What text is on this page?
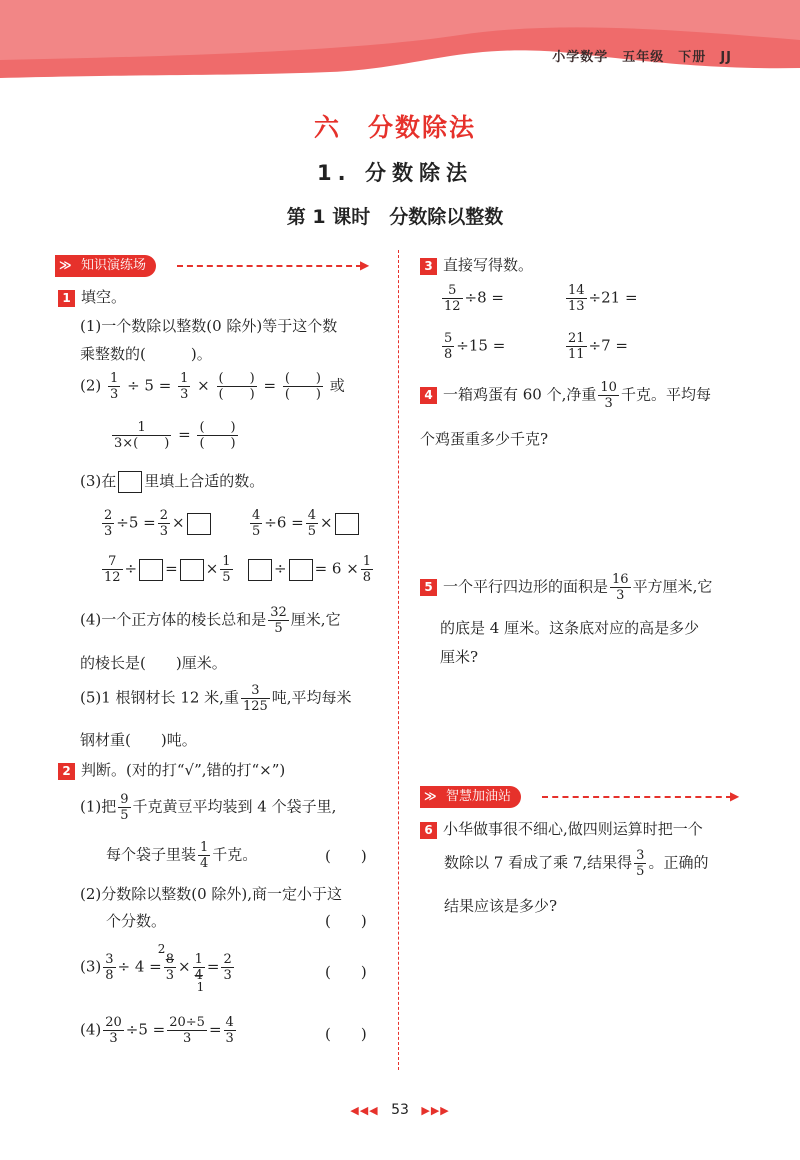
小学数学 五年级 下册 JJ
六　分数除法
1. 分数除法
第 1 课时　分数除以整数
≫ 知识演练场	▶
1 填空。
(1)一个数除以整数(0 除外)等于这个数
乘整数的(　　　)。
$(2) \frac{1}{3} \div 5 = \frac{1}{3} \times \frac{( )}{( )} = \frac{( )}{( )}$ 或
$\frac{1}{3\times( )} = \frac{( )}{( )}$
(3)在 里填上合适的数。
$\frac{2}{3} \div 5 = \frac{2}{3}$ ×	$\frac{4}{5} \div 6 = \frac{4}{5}$ ×
$\frac{7}{12}$ ÷ = × $\frac{1}{5}$	÷ = $6 \times \frac{1}{8}$
(4)一个正方体的棱长总和是 $\frac{32}{5}$ 厘米,它
的棱长是(　　)厘米。
(5)1 根钢材长 12 米,重 $\frac{3}{125}$ 吨,平均每米
钢材重(　　)吨。
2 判断。(对的打“√”,错的打“×”)
(1)把 $\frac{9}{5}$ 千克黄豆平均装到 4 个袋子里,
每个袋子里装 $\frac{1}{4}$ 千克。	(　　)
(2)分数除以整数(0 除外),商一定小于这
个分数。	(　　)
$(3) \frac{3}{8} \div 4$ =
2
8
3 × 1
4
1
= $\frac{2}{3}$	(　　)
$(4) \frac{20}{3} \div 5 = \frac{20\div 5}{3} = \frac{4}{3}$	(　　)
3 直接写得数。
$\frac{5}{12} \div 8$ =	$\frac{14}{13} \div 21$ =
$\frac{5}{8} \div 15$ =	$\frac{21}{11} \div 7$ =
4 一箱鸡蛋有 60 个,净重 $\frac{10}{3}$ 千克。平均每
个鸡蛋重多少千克?
5 一个平行四边形的面积是 $\frac{16}{3}$ 平方厘米,它
的底是 4 厘米。这条底对应的高是多少
厘米?
≫ 智慧加油站	▶
6 小华做事很不细心,做四则运算时把一个
数除以 7 看成了乘 7,结果得 $\frac{3}{5}$ 。正确的
结果应该是多少?
◀◀◀ 53 ▶▶▶
